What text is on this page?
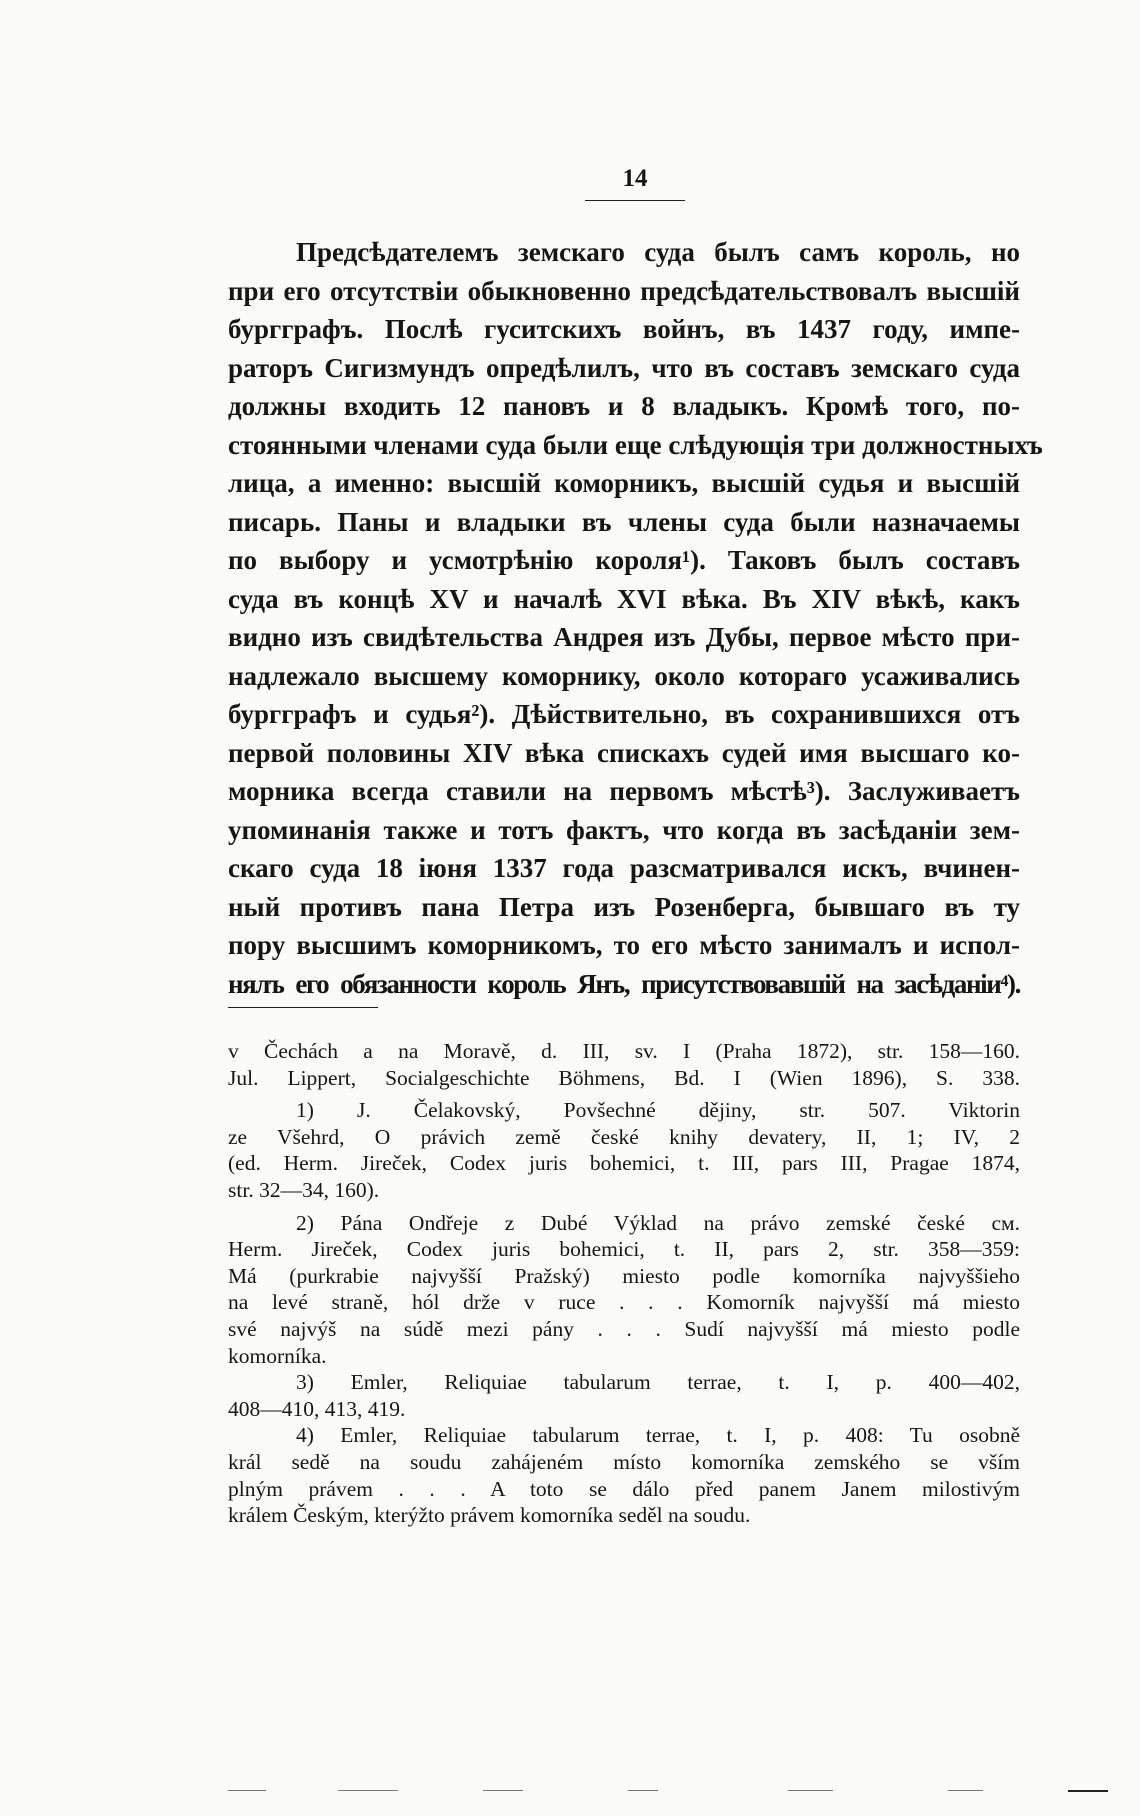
14
Предсѣдателемъ земскаго суда былъ самъ король, но
при его отсутствіи обыкновенно предсѣдательствовалъ высшій
бургграфъ. Послѣ гуситскихъ войнъ, въ 1437 году, импе-
раторъ Сигизмундъ опредѣлилъ, что въ составъ земскаго суда
должны входить 12 пановъ и 8 владыкъ. Кромѣ того, по-
стоянными членами суда были еще слѣдующія три должностныхъ
лица, а именно: высшій коморникъ, высшій судья и высшій
писарь. Паны и владыки въ члены суда были назначаемы
по выбору и усмотрѣнію короля¹). Таковъ былъ составъ
суда въ концѣ XV и началѣ XVI вѣка. Въ XIV вѣкѣ, какъ
видно изъ свидѣтельства Андрея изъ Дубы, первое мѣсто при-
надлежало высшему коморнику, около котораго усаживались
бургграфъ и судья²). Дѣйствительно, въ сохранившихся отъ
первой половины XIV вѣка спискахъ судей имя высшаго ко-
морника всегда ставили на первомъ мѣстѣ³). Заслуживаетъ
упоминанія также и тотъ фактъ, что когда въ засѣданіи зем-
скаго суда 18 іюня 1337 года разсматривался искъ, вчинен-
ный противъ пана Петра изъ Розенберга, бывшаго въ ту
пору высшимъ коморникомъ, то его мѣсто занималъ и испол-
нялъ его обязанности король Янъ, присутствовавшій на засѣданіи⁴).
v Čechách a na Moravě, d. III, sv. I (Praha 1872), str. 158—160.
Jul. Lippert, Socialgeschichte Böhmens, Bd. I (Wien 1896), S. 338.
1) J. Čelakovský, Povšechné dějiny, str. 507. Viktorin
ze Všehrd, O právich země české knihy devatery, II, 1; IV, 2
(ed. Herm. Jireček, Codex juris bohemici, t. III, pars III, Pragae 1874,
str. 32—34, 160).
2) Pána Ondřeje z Dubé Výklad na právo zemské české см.
Herm. Jireček, Codex juris bohemici, t. II, pars 2, str. 358—359:
Má (purkrabie najvyšší Pražský) miesto podle komorníka najvyššieho
na levé straně, hól drže v ruce . . . Komorník najvyšší má miesto
své najvýš na súdě mezi pány . . . Sudí najvyšší má miesto podle
komorníka.
3) Emler, Reliquiae tabularum terrae, t. I, p. 400—402,
408—410, 413, 419.
4) Emler, Reliquiae tabularum terrae, t. I, p. 408: Tu osobně
král sedě na soudu zahájeném místo komorníka zemského se vším
plným právem . . . A toto se dálo před panem Janem milostivým
králem Českým, kterýžto právem komorníka seděl na soudu.
